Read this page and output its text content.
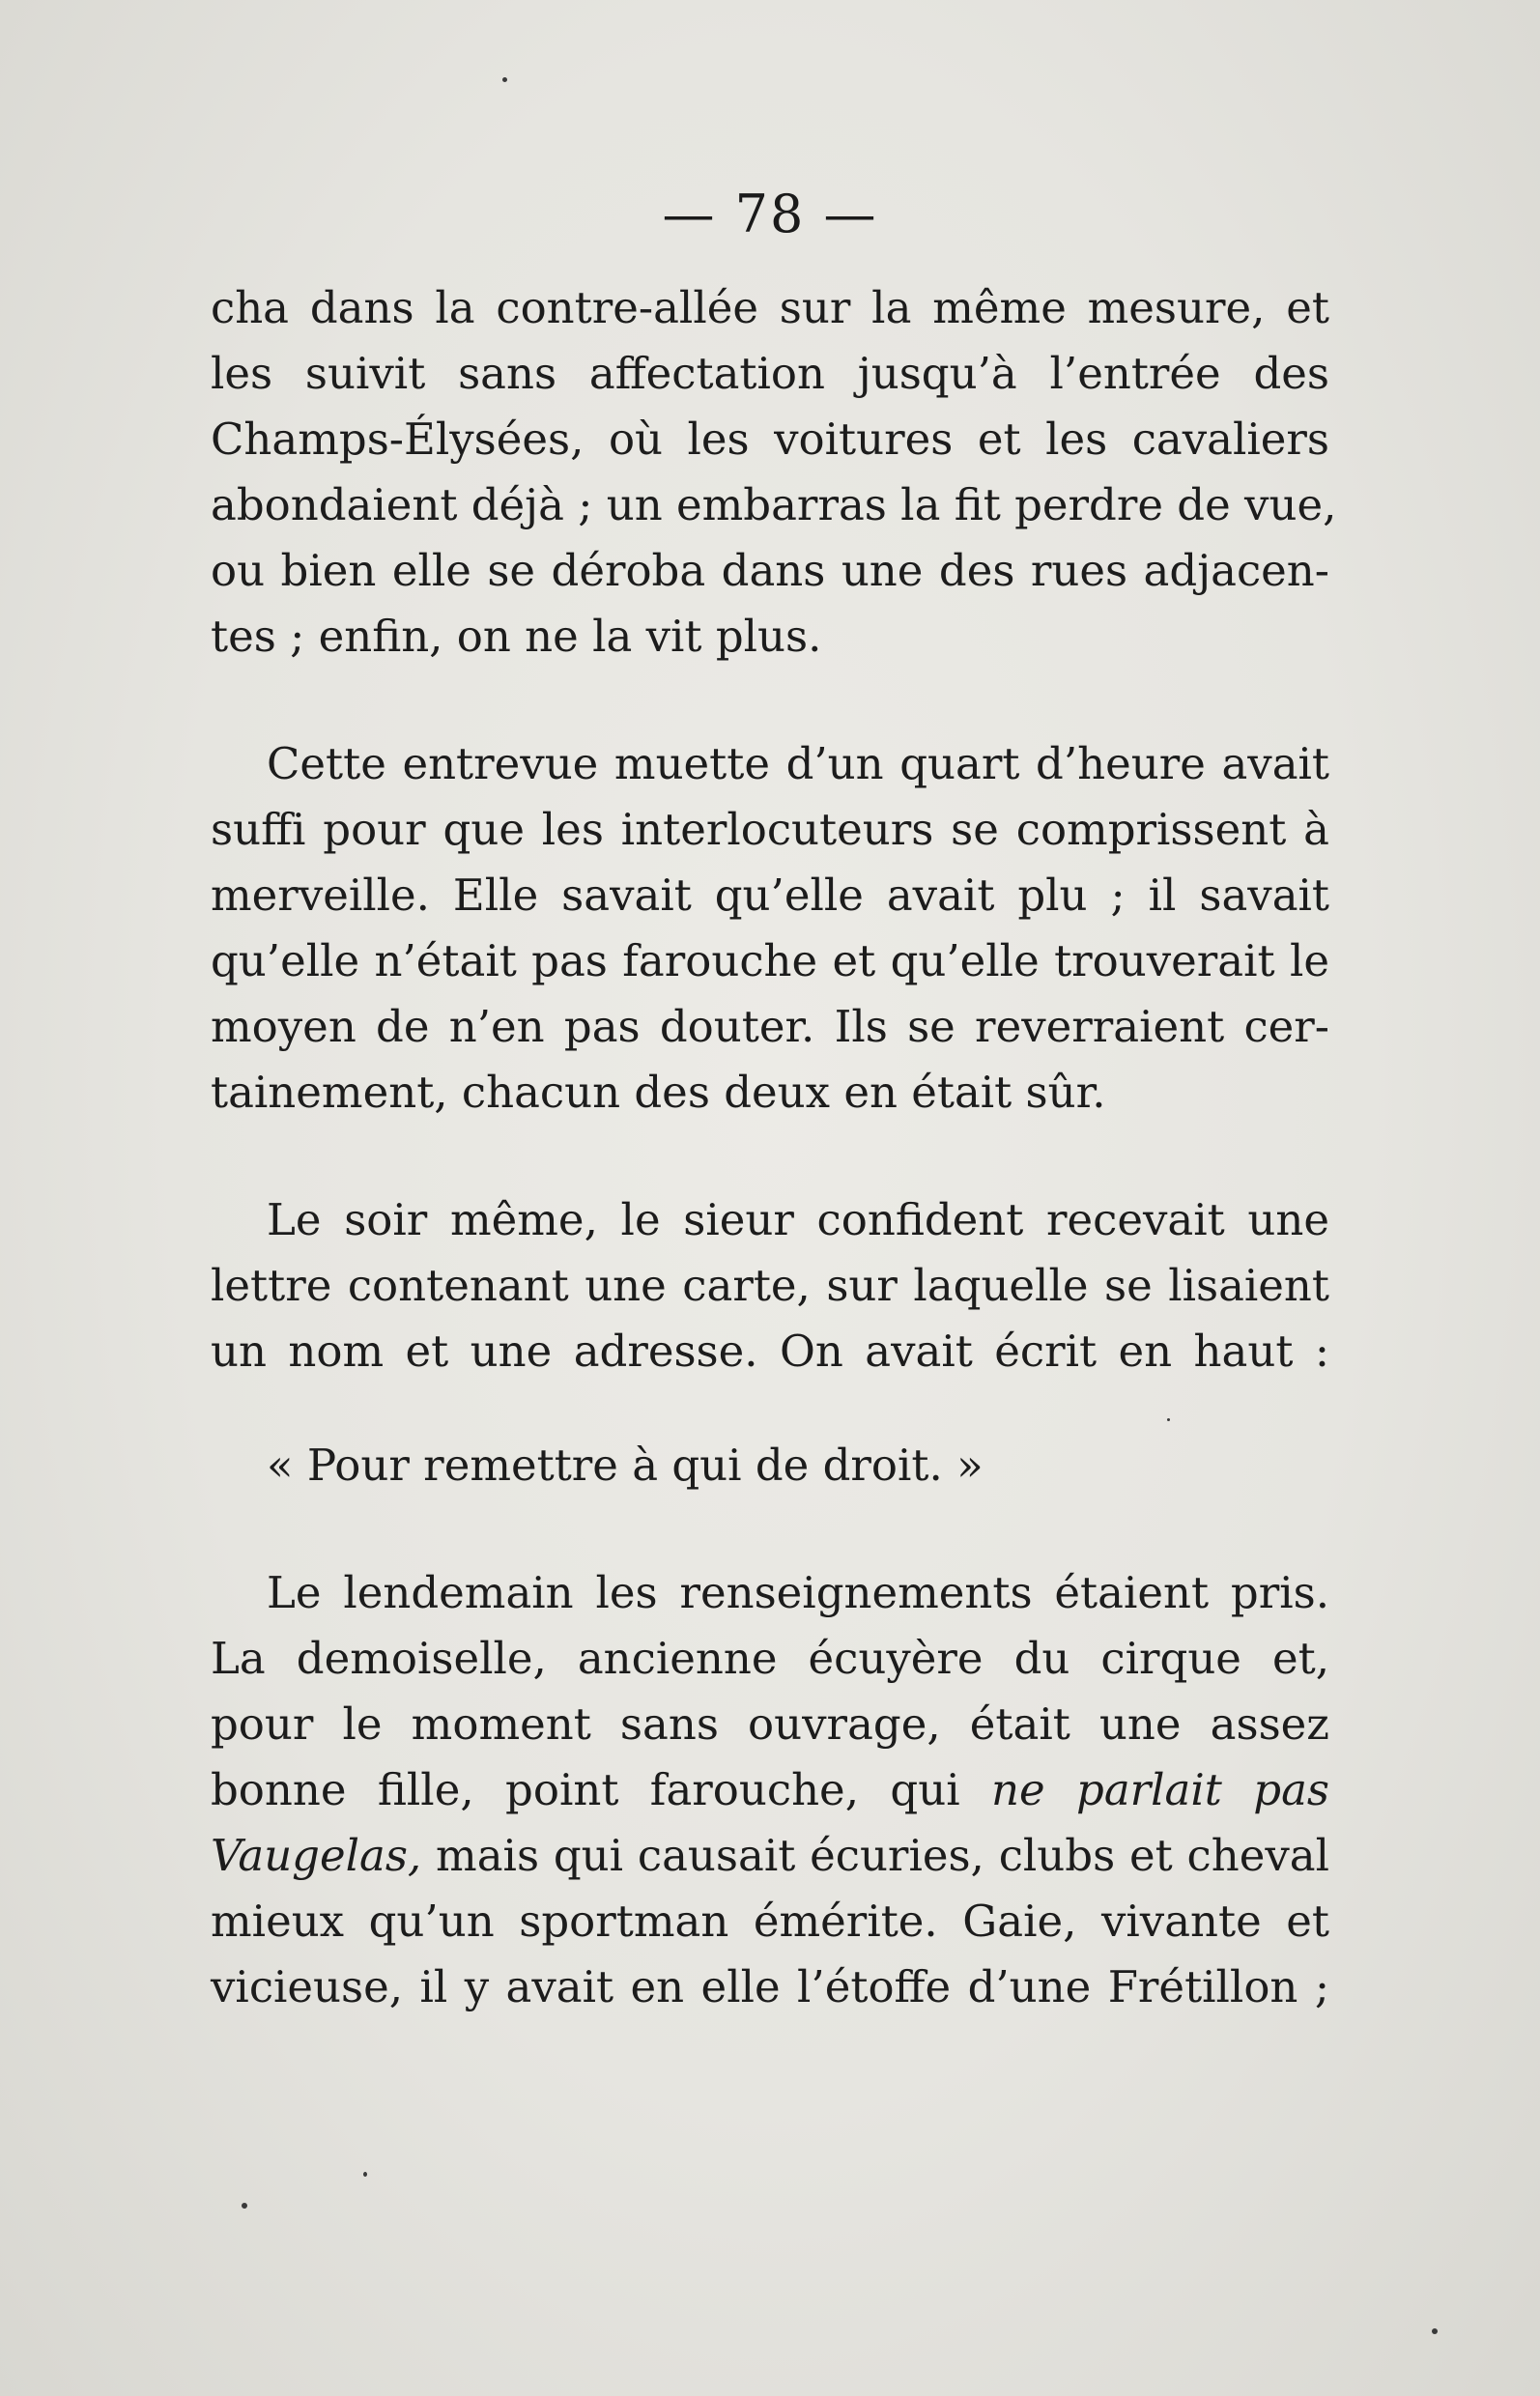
— 78 —
cha dans la contre-allée sur la même mesure, et
les suivit sans affectation jusqu’à l’entrée des
Champs-Élysées, où les voitures et les cavaliers
abondaient déjà ; un embarras la fit perdre de vue,
ou bien elle se déroba dans une des rues adjacen-
tes ; enfin, on ne la vit plus.
Cette entrevue muette d’un quart d’heure avait
suffi pour que les interlocuteurs se comprissent à
merveille. Elle savait qu’elle avait plu ; il savait
qu’elle n’était pas farouche et qu’elle trouverait le
moyen de n’en pas douter. Ils se reverraient cer-
tainement, chacun des deux en était sûr.
Le soir même, le sieur confident recevait une
lettre contenant une carte, sur laquelle se lisaient
un nom et une adresse. On avait écrit en haut :
« Pour remettre à qui de droit. »
Le lendemain les renseignements étaient pris.
La demoiselle, ancienne écuyère du cirque et,
pour le moment sans ouvrage, était une assez
bonne fille, point farouche, qui ne parlait pas
Vaugelas, mais qui causait écuries, clubs et cheval
mieux qu’un sportman émérite. Gaie, vivante et
vicieuse, il y avait en elle l’étoffe d’une Frétillon ;
